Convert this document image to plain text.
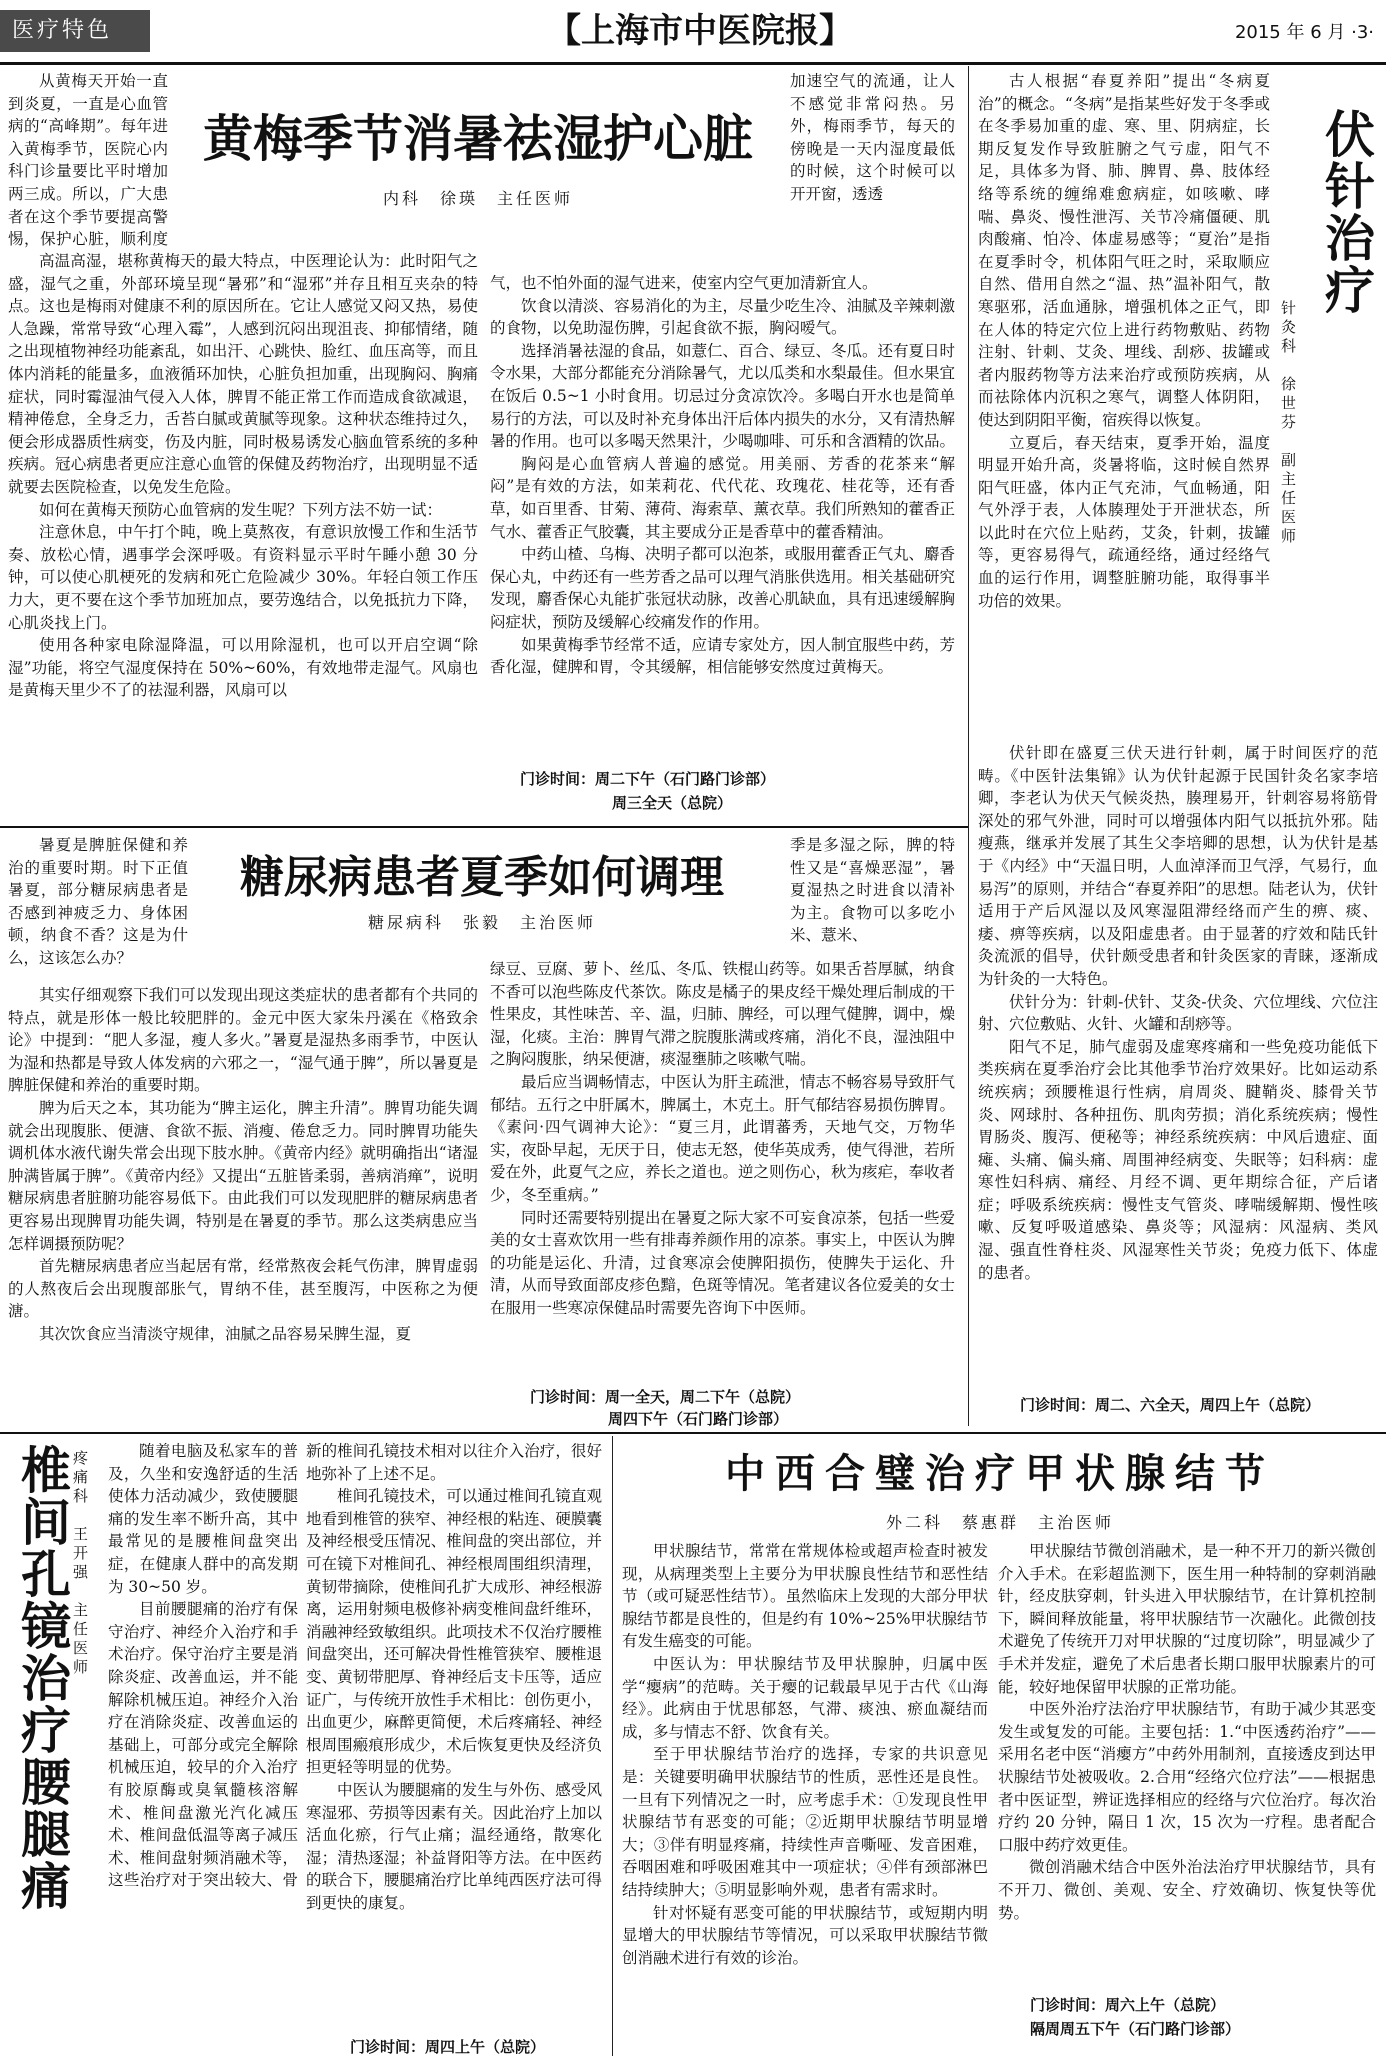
医疗特色	【上海市中医院报】	2015 年 6 月 ·3·

从黄梅天开始一直到炎夏，一直是心血管病的“高峰期”。每年进入黄梅季节，医院心内科门诊量要比平时增加两三成。所以，广大患者在这个季节要提高警惕，保护心脏，顺利度

黄梅季节消暑祛湿护心脏
内科　徐瑛　主任医师

加速空气的流通，让人不感觉非常闷热。另外，梅雨季节，每天的傍晚是一天内湿度最低的时候，这个时候可以开开窗，透透

高温高湿，堪称黄梅天的最大特点，中医理论认为：此时阳气之盛，湿气之重，外部环境呈现“暑邪”和“湿邪”并存且相互夹杂的特点。这也是梅雨对健康不利的原因所在。它让人感觉又闷又热，易使人急躁，常常导致“心理入霉”，人感到沉闷出现沮丧、抑郁情绪，随之出现植物神经功能紊乱，如出汗、心跳快、脸红、血压高等，而且体内消耗的能量多，血液循环加快，心脏负担加重，出现胸闷、胸痛症状，同时霉湿油气侵入人体，脾胃不能正常工作而造成食欲减退，精神倦怠，全身乏力，舌苔白腻或黄腻等现象。这种状态维持过久，便会形成器质性病变，伤及内脏，同时极易诱发心脑血管系统的多种疾病。冠心病患者更应注意心血管的保健及药物治疗，出现明显不适就要去医院检查，以免发生危险。

如何在黄梅天预防心血管病的发生呢？下列方法不妨一试：

注意休息，中午打个盹，晚上莫熬夜，有意识放慢工作和生活节奏、放松心情，遇事学会深呼吸。有资料显示平时午睡小憩 30 分钟，可以使心肌梗死的发病和死亡危险减少 30%。年轻白领工作压力大，更不要在这个季节加班加点，要劳逸结合，以免抵抗力下降，心肌炎找上门。

使用各种家电除湿降温，可以用除湿机，也可以开启空调“除湿”功能，将空气湿度保持在 50%~60%，有效地带走湿气。风扇也是黄梅天里少不了的祛湿利器，风扇可以

气，也不怕外面的湿气进来，使室内空气更加清新宜人。

饮食以清淡、容易消化的为主，尽量少吃生冷、油腻及辛辣刺激的食物，以免助湿伤脾，引起食欲不振，胸闷嗳气。

选择消暑祛湿的食品，如薏仁、百合、绿豆、冬瓜。还有夏日时令水果，大部分都能充分消除暑气，尤以瓜类和水梨最佳。但水果宜在饭后 0.5~1 小时食用。切忌过分贪凉饮冷。多喝白开水也是简单易行的方法，可以及时补充身体出汗后体内损失的水分，又有清热解暑的作用。也可以多喝天然果汁，少喝咖啡、可乐和含酒精的饮品。

胸闷是心血管病人普遍的感觉。用美丽、芳香的花茶来“解闷”是有效的方法，如茉莉花、代代花、玫瑰花、桂花等，还有香草，如百里香、甘菊、薄荷、海索草、薰衣草。我们所熟知的藿香正气水、藿香正气胶囊，其主要成分正是香草中的藿香精油。

中药山楂、乌梅、决明子都可以泡茶，或服用藿香正气丸、麝香保心丸，中药还有一些芳香之品可以理气消胀供选用。相关基础研究发现，麝香保心丸能扩张冠状动脉，改善心肌缺血，具有迅速缓解胸闷症状，预防及缓解心绞痛发作的作用。

如果黄梅季节经常不适，应请专家处方，因人制宜服些中药，芳香化湿，健脾和胃，令其缓解，相信能够安然度过黄梅天。

门诊时间：周二下午（石门路门诊部）
周三全天（总院）
伏针治疗
针灸科　徐世芬　副主任医师

古人根据“春夏养阳”提出“冬病夏治”的概念。“冬病”是指某些好发于冬季或在冬季易加重的虚、寒、里、阴病症，长期反复发作导致脏腑之气亏虚，阳气不足，具体多为肾、肺、脾胃、鼻、肢体经络等系统的缠绵难愈病症，如咳嗽、哮喘、鼻炎、慢性泄泻、关节冷痛僵硬、肌肉酸痛、怕冷、体虚易感等；“夏治”是指在夏季时令，机体阳气旺之时，采取顺应自然、借用自然之“温、热”温补阳气，散寒驱邪，活血通脉，增强机体之正气，即在人体的特定穴位上进行药物敷贴、药物注射、针刺、艾灸、埋线、刮痧、拔罐或者内服药物等方法来治疗或预防疾病，从而祛除体内沉积之寒气，调整人体阴阳，使达到阴阳平衡，宿疾得以恢复。

立夏后，春天结束，夏季开始，温度明显开始升高，炎暑将临，这时候自然界阳气旺盛，体内正气充沛，气血畅通，阳气外浮于表，人体腠理处于开泄状态，所以此时在穴位上贴药，艾灸，针刺，拔罐等，更容易得气，疏通经络，通过经络气血的运行作用，调整脏腑功能，取得事半功倍的效果。

伏针即在盛夏三伏天进行针刺，属于时间医疗的范畴。《中医针法集锦》认为伏针起源于民国针灸名家李培卿，李老认为伏天气候炎热，腠理易开，针刺容易将筋骨深处的邪气外泄，同时可以增强体内阳气以抵抗外邪。陆瘦燕，继承并发展了其生父李培卿的思想，认为伏针是基于《内经》中“天温日明，人血淖泽而卫气浮，气易行，血易泻”的原则，并结合“春夏养阳”的思想。陆老认为，伏针适用于产后风湿以及风寒湿阻滞经络而产生的痹、痰、痿、痹等疾病，以及阳虚患者。由于显著的疗效和陆氏针灸流派的倡导，伏针颇受患者和针灸医家的青睐，逐渐成为针灸的一大特色。

伏针分为：针刺-伏针、艾灸-伏灸、穴位埋线、穴位注射、穴位敷贴、火针、火罐和刮痧等。

阳气不足，肺气虚弱及虚寒疼痛和一些免疫功能低下类疾病在夏季治疗会比其他季节治疗效果好。比如运动系统疾病；颈腰椎退行性病，肩周炎、腱鞘炎、膝骨关节炎、网球肘、各种扭伤、肌肉劳损；消化系统疾病；慢性胃肠炎、腹泻、便秘等；神经系统疾病：中风后遗症、面瘫、头痛、偏头痛、周围神经病变、失眠等；妇科病：虚寒性妇科病、痛经、月经不调、更年期综合征，产后诸症；呼吸系统疾病：慢性支气管炎、哮喘缓解期、慢性咳嗽、反复呼吸道感染、鼻炎等；风湿病：风湿病、类风湿、强直性脊柱炎、风湿寒性关节炎；免疫力低下、体虚的患者。

门诊时间：周二、六全天，周四上午（总院）

暑夏是脾脏保健和养治的重要时期。时下正值暑夏，部分糖尿病患者是否感到神疲乏力、身体困顿，纳食不香？这是为什么，这该怎么办？

糖尿病患者夏季如何调理
糖尿病科　张毅　主治医师

季是多湿之际，脾的特性又是“喜燥恶湿”，暑夏湿热之时进食以清补为主。食物可以多吃小米、薏米、

其实仔细观察下我们可以发现出现这类症状的患者都有个共同的特点，就是形体一般比较肥胖的。金元中医大家朱丹溪在《格致余论》中提到：“肥人多湿，瘦人多火。”暑夏是湿热多雨季节，中医认为湿和热都是导致人体发病的六邪之一，“湿气通于脾”，所以暑夏是脾脏保健和养治的重要时期。

脾为后天之本，其功能为“脾主运化，脾主升清”。脾胃功能失调就会出现腹胀、便溏、食欲不振、消瘦、倦怠乏力。同时脾胃功能失调机体水液代谢失常会出现下肢水肿。《黄帝内经》就明确指出“诸湿肿满皆属于脾”。《黄帝内经》又提出“五脏皆柔弱，善病消瘅”，说明糖尿病患者脏腑功能容易低下。由此我们可以发现肥胖的糖尿病患者更容易出现脾胃功能失调，特别是在暑夏的季节。那么这类病患应当怎样调摄预防呢？

首先糖尿病患者应当起居有常，经常熬夜会耗气伤津，脾胃虚弱的人熬夜后会出现腹部胀气，胃纳不佳，甚至腹泻，中医称之为便溏。

其次饮食应当清淡守规律，油腻之品容易呆脾生湿，夏

绿豆、豆腐、萝卜、丝瓜、冬瓜、铁棍山药等。如果舌苔厚腻，纳食不香可以泡些陈皮代茶饮。陈皮是橘子的果皮经干燥处理后制成的干性果皮，其性味苦、辛、温，归肺、脾经，可以理气健脾，调中，燥湿，化痰。主治：脾胃气滞之脘腹胀满或疼痛，消化不良，湿浊阻中之胸闷腹胀，纳呆便溏，痰湿壅肺之咳嗽气喘。

最后应当调畅情志，中医认为肝主疏泄，情志不畅容易导致肝气郁结。五行之中肝属木，脾属土，木克土。肝气郁结容易损伤脾胃。《素问·四气调神大论》：“夏三月，此谓蕃秀，天地气交，万物华实，夜卧早起，无厌于日，使志无怒，使华英成秀，使气得泄，若所爱在外，此夏气之应，养长之道也。逆之则伤心，秋为痎疟，奉收者少，冬至重病。”

同时还需要特别提出在暑夏之际大家不可妄食凉茶，包括一些爱美的女士喜欢饮用一些有排毒养颜作用的凉茶。事实上，中医认为脾的功能是运化、升清，过食寒凉会使脾阳损伤，使脾失于运化、升清，从而导致面部皮疹色黯，色斑等情况。笔者建议各位爱美的女士在服用一些寒凉保健品时需要先咨询下中医师。

门诊时间：周一全天，周二下午（总院）
周四下午（石门路门诊部）
椎间孔镜治疗腰腿痛 疼痛科　王开强　主任医师	随着电脑及私家车的普及，久坐和安逸舒适的生活使体力活动减少，致使腰腿痛的发生率不断升高，其中最常见的是腰椎间盘突出症，在健康人群中的高发期为 30~50 岁。

目前腰腿痛的治疗有保守治疗、神经介入治疗和手术治疗。保守治疗主要是消除炎症、改善血运，并不能解除机械压迫。神经介入治疗在消除炎症、改善血运的基础上，可部分或完全解除机械压迫，较早的介入治疗有胶原酶或臭氧髓核溶解术、椎间盘激光汽化减压术、椎间盘低温等离子减压术、椎间盘射频消融术等，这些治疗对于突出较大、骨

新的椎间孔镜技术相对以往介入治疗，很好地弥补了上述不足。

椎间孔镜技术，可以通过椎间孔镜直观地看到椎管的狭窄、神经根的粘连、硬膜囊及神经根受压情况、椎间盘的突出部位，并可在镜下对椎间孔、神经根周围组织清理，黄韧带摘除，使椎间孔扩大成形、神经根游离，运用射频电极修补病变椎间盘纤维环，消融神经致敏组织。此项技术不仅治疗腰椎间盘突出，还可解决骨性椎管狭窄、腰椎退变、黄韧带肥厚、脊神经后支卡压等，适应证广，与传统开放性手术相比：创伤更小，出血更少，麻醉更简便，术后疼痛轻、神经根周围瘢痕形成少，术后恢复更快及经济负担更轻等明显的优势。

中医认为腰腿痛的发生与外伤、感受风寒湿邪、劳损等因素有关。因此治疗上加以活血化瘀，行气止痛；温经通络，散寒化湿；清热逐湿；补益肾阳等方法。在中医药的联合下，腰腿痛治疗比单纯西医疗法可得到更快的康复。

门诊时间：周四上午（总院）
中西合璧治疗甲状腺结节
外二科　蔡惠群　主治医师

甲状腺结节，常常在常规体检或超声检查时被发现，从病理类型上主要分为甲状腺良性结节和恶性结节（或可疑恶性结节）。虽然临床上发现的大部分甲状腺结节都是良性的，但是约有 10%~25%甲状腺结节有发生癌变的可能。

中医认为：甲状腺结节及甲状腺肿，归属中医学“瘿病”的范畴。关于瘿的记载最早见于古代《山海经》。此病由于忧思郁怒，气滞、痰浊、瘀血凝结而成，多与情志不舒、饮食有关。

至于甲状腺结节治疗的选择，专家的共识意见是：关键要明确甲状腺结节的性质，恶性还是良性。一旦有下列情况之一时，应考虑手术：①发现良性甲状腺结节有恶变的可能；②近期甲状腺结节明显增大；③伴有明显疼痛，持续性声音嘶哑、发音困难，吞咽困难和呼吸困难其中一项症状；④伴有颈部淋巴结持续肿大；⑤明显影响外观，患者有需求时。

针对怀疑有恶变可能的甲状腺结节，或短期内明显增大的甲状腺结节等情况，可以采取甲状腺结节微创消融术进行有效的诊治。

甲状腺结节微创消融术，是一种不开刀的新兴微创介入手术。在彩超监测下，医生用一种特制的穿刺消融针，经皮肤穿刺，针头进入甲状腺结节，在计算机控制下，瞬间释放能量，将甲状腺结节一次融化。此微创技术避免了传统开刀对甲状腺的“过度切除”，明显减少了手术并发症，避免了术后患者长期口服甲状腺素片的可能，较好地保留甲状腺的正常功能。

中医外治疗法治疗甲状腺结节，有助于减少其恶变发生或复发的可能。主要包括：1.“中医透药治疗”——采用名老中医“消瘿方”中药外用制剂，直接透皮到达甲状腺结节处被吸收。2.合用“经络穴位疗法”——根据患者中医证型，辨证选择相应的经络与穴位治疗。每次治疗约 20 分钟，隔日 1 次，15 次为一疗程。患者配合口服中药疗效更佳。

微创消融术结合中医外治法治疗甲状腺结节，具有不开刀、微创、美观、安全、疗效确切、恢复快等优势。

门诊时间：周六上午（总院）
隔周周五下午（石门路门诊部）
